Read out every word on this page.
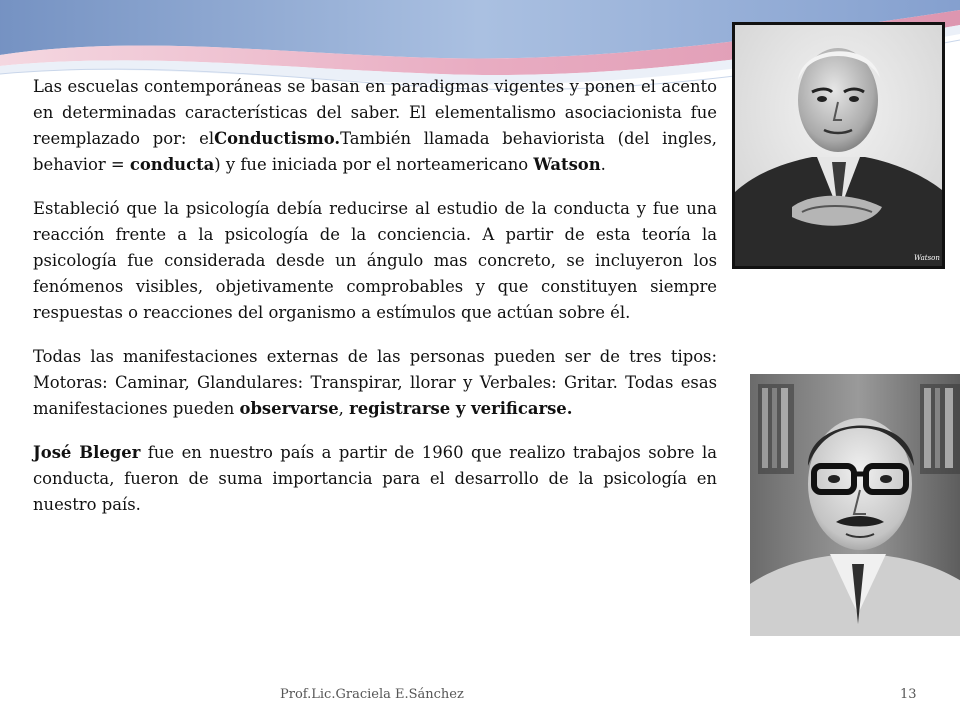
Las escuelas contemporáneas se basan en paradigmas vigentes y ponen el acento en determinadas características del saber. El elementalismo asociacionista fue reemplazado por: elConductismo.También llamada behaviorista (del ingles, behavior = conducta) y fue iniciada por el norteamericano Watson.

Estableció que la psicología debía reducirse al estudio de la conducta y fue una reacción frente a la psicología de la conciencia. A partir de esta teoría la psicología fue considerada desde un ángulo mas concreto, se incluyeron los fenómenos visibles, objetivamente comprobables y que constituyen siempre respuestas o reacciones del organismo a estímulos que actúan sobre él.

Todas las manifestaciones externas de las personas pueden ser de tres tipos: Motoras: Caminar, Glandulares: Transpirar, llorar y Verbales: Gritar. Todas esas manifestaciones pueden observarse, registrarse y verificarse.

José Bleger fue en nuestro país a partir de 1960 que realizo trabajos sobre la conducta, fueron de suma importancia para el desarrollo de la psicología en nuestro país.

Watson
Prof.Lic.Graciela E.Sánchez	13
